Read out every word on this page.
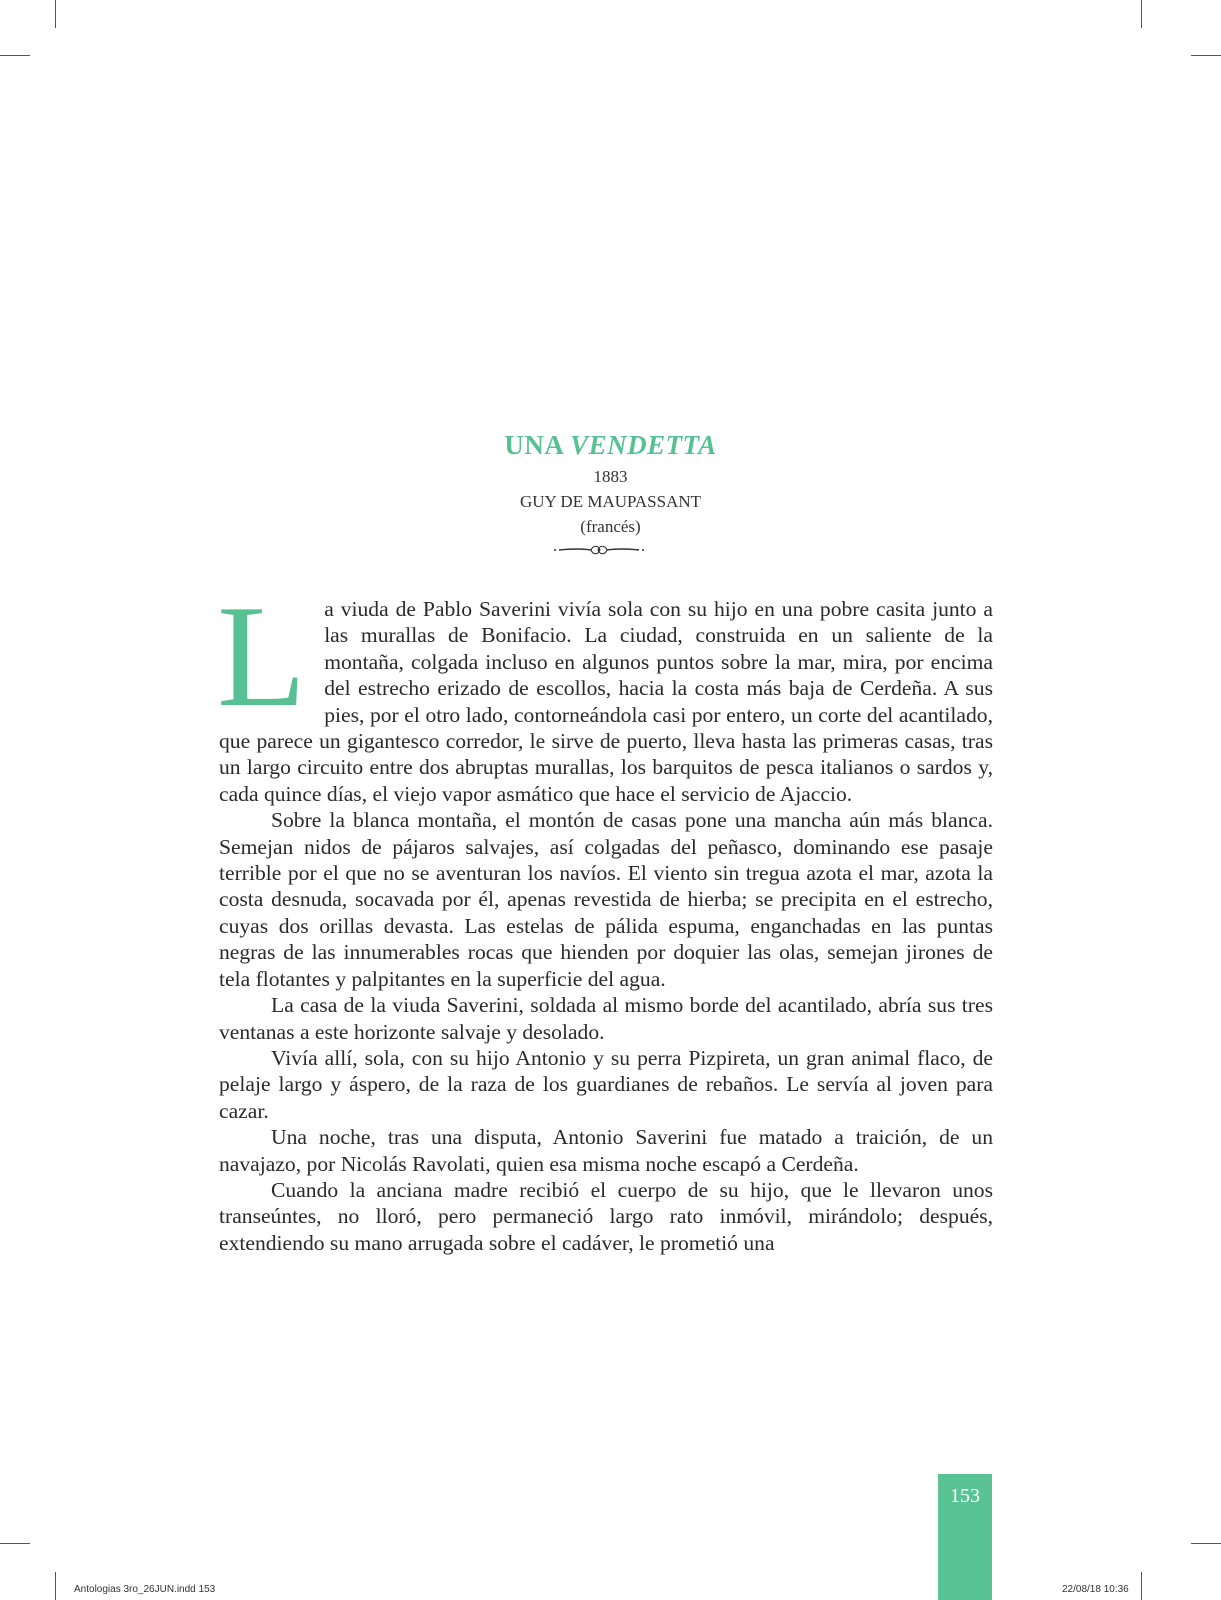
UNA VENDETTA
1883
GUY DE MAUPASSANT
(francés)

La viuda de Pablo Saverini vivía sola con su hijo en una pobre casita junto a las murallas de Bonifacio. La ciudad, construida en un saliente de la montaña, colgada incluso en algunos puntos sobre la mar, mira, por encima del estrecho erizado de escollos, hacia la costa más baja de Cerdeña. A sus pies, por el otro lado, contorneándola casi por entero, un corte del acantilado, que parece un gigantesco corredor, le sirve de puerto, lleva hasta las primeras casas, tras un largo circuito entre dos abruptas murallas, los barquitos de pesca italianos o sardos y, cada quince días, el viejo vapor asmático que hace el servicio de Ajaccio.

Sobre la blanca montaña, el montón de casas pone una mancha aún más blanca. Semejan nidos de pájaros salvajes, así colgadas del peñasco, dominando ese pasaje terrible por el que no se aventuran los navíos. El viento sin tregua azota el mar, azota la costa desnuda, socavada por él, apenas revestida de hierba; se precipita en el estrecho, cuyas dos orillas devasta. Las estelas de pálida espuma, enganchadas en las puntas negras de las innumerables rocas que hienden por doquier las olas, semejan jirones de tela flotantes y palpitantes en la superficie del agua.

La casa de la viuda Saverini, soldada al mismo borde del acantilado, abría sus tres ventanas a este horizonte salvaje y desolado.

Vivía allí, sola, con su hijo Antonio y su perra Pizpireta, un gran animal flaco, de pelaje largo y áspero, de la raza de los guardianes de rebaños. Le servía al joven para cazar.

Una noche, tras una disputa, Antonio Saverini fue matado a traición, de un navajazo, por Nicolás Ravolati, quien esa misma noche escapó a Cerdeña.

Cuando la anciana madre recibió el cuerpo de su hijo, que le llevaron unos transeúntes, no lloró, pero permaneció largo rato inmóvil, mirándolo; después, extendiendo su mano arrugada sobre el cadáver, le prometió una

153
Antologias 3ro_26JUN.indd 153	22/08/18 10:36
